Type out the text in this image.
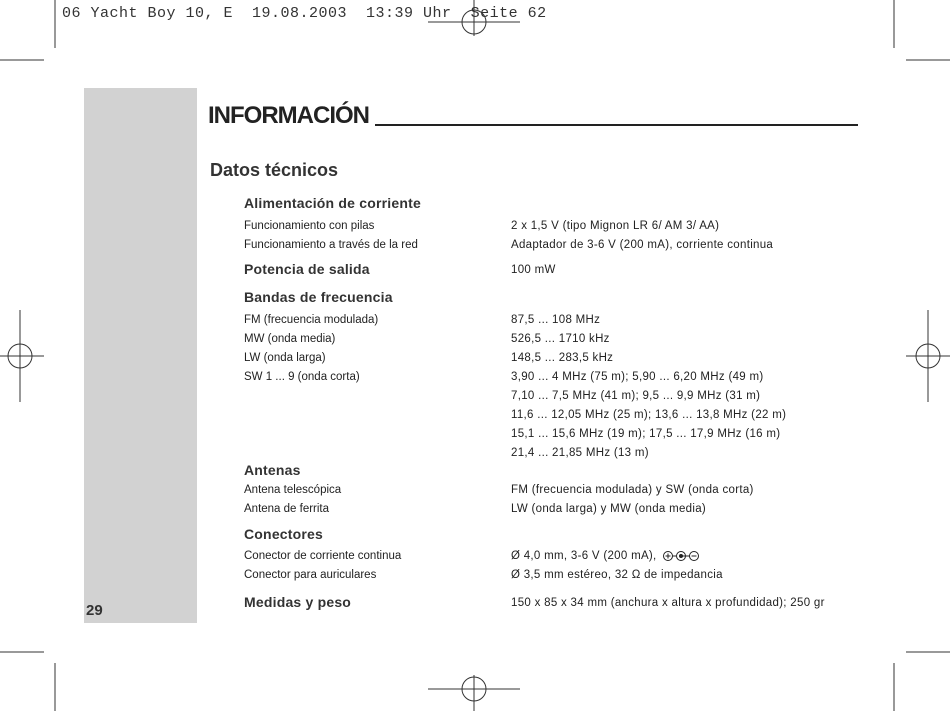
06 Yacht Boy 10, E  19.08.2003  13:39 Uhr  Seite 62
29
INFORMACIÓN
Datos técnicos
Alimentación de corriente
Funcionamiento con pilas	2 x 1,5 V (tipo Mignon LR 6/ AM 3/ AA)
Funcionamiento a través de la red	Adaptador de 3-6 V (200 mA), corriente continua
Potencia de salida	100 mW
Bandas de frecuencia
FM (frecuencia modulada)	87,5 ... 108 MHz
MW (onda media)	526,5 ... 1710 kHz
LW (onda larga)	148,5 ... 283,5 kHz
SW 1 ... 9 (onda corta)	3,90 ... 4 MHz (75 m); 5,90 ... 6,20 MHz (49 m)
7,10 ... 7,5 MHz (41 m); 9,5 ... 9,9 MHz (31 m)
11,6 ... 12,05 MHz (25 m); 13,6 ... 13,8 MHz (22 m)
15,1 ... 15,6 MHz (19 m); 17,5 ... 17,9 MHz (16 m)
21,4 ... 21,85 MHz (13 m)
Antenas
Antena telescópica	FM (frecuencia modulada) y SW (onda corta)
Antena de ferrita	LW (onda larga) y MW (onda media)
Conectores
Conector de corriente continua	Ø 4,0 mm, 3-6 V (200 mA),
Conector para auriculares	Ø 3,5 mm estéreo, 32 Ω de impedancia
Medidas y peso	150 x 85 x 34 mm (anchura x altura x profundidad); 250 gr
